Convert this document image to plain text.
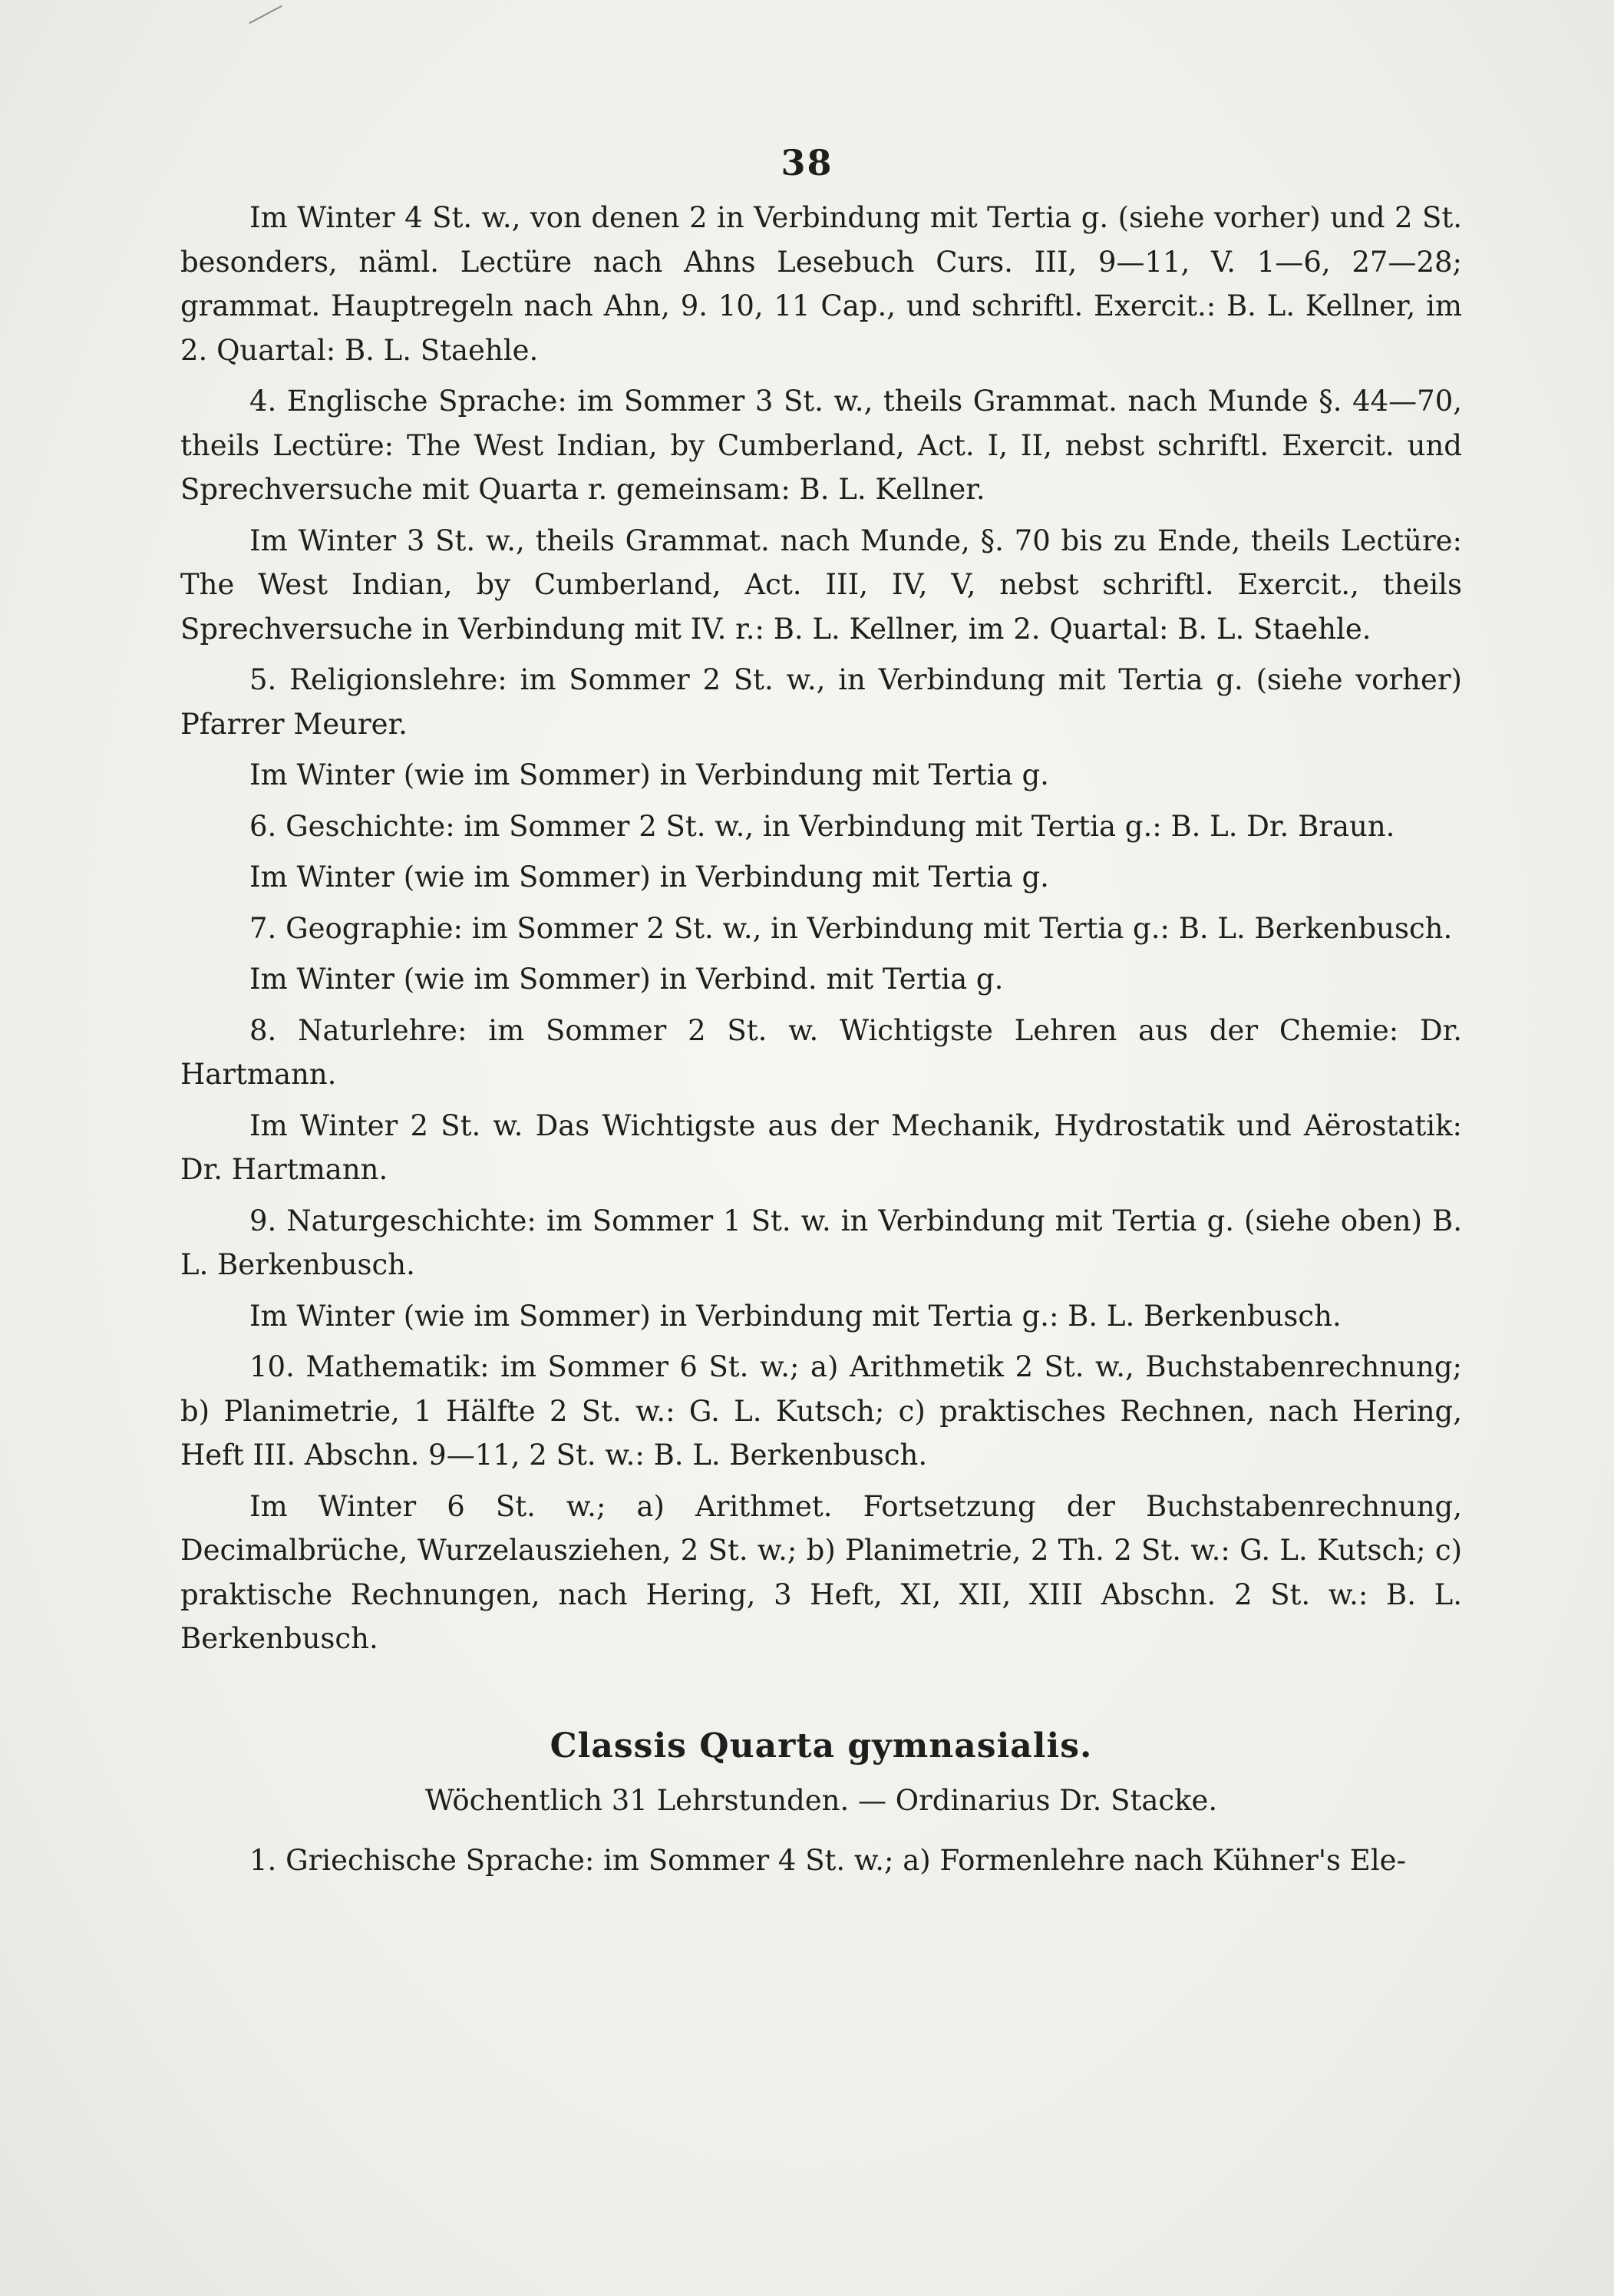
38

Im Winter 4 St. w., von denen 2 in Verbindung mit Tertia g. (siehe vorher) und 2 St. besonders, näml. Lectüre nach Ahns Lesebuch Curs. III, 9—11, V. 1—6, 27—28; grammat. Hauptregeln nach Ahn, 9. 10, 11 Cap., und schriftl. Exercit.: B. L. Kellner, im 2. Quartal: B. L. Staehle.

4. Englische Sprache: im Sommer 3 St. w., theils Grammat. nach Munde §. 44—70, theils Lectüre: The West Indian, by Cumberland, Act. I, II, nebst schriftl. Exercit. und Sprechversuche mit Quarta r. gemeinsam: B. L. Kellner.

Im Winter 3 St. w., theils Grammat. nach Munde, §. 70 bis zu Ende, theils Lectüre: The West Indian, by Cumberland, Act. III, IV, V, nebst schriftl. Exercit., theils Sprechversuche in Verbindung mit IV. r.: B. L. Kellner, im 2. Quartal: B. L. Staehle.

5. Religionslehre: im Sommer 2 St. w., in Verbindung mit Tertia g. (siehe vorher) Pfarrer Meurer.

Im Winter (wie im Sommer) in Verbindung mit Tertia g.

6. Geschichte: im Sommer 2 St. w., in Verbindung mit Tertia g.: B. L. Dr. Braun.

Im Winter (wie im Sommer) in Verbindung mit Tertia g.

7. Geographie: im Sommer 2 St. w., in Verbindung mit Tertia g.: B. L. Berkenbusch.

Im Winter (wie im Sommer) in Verbind. mit Tertia g.

8. Naturlehre: im Sommer 2 St. w. Wichtigste Lehren aus der Chemie: Dr. Hartmann.

Im Winter 2 St. w. Das Wichtigste aus der Mechanik, Hydrostatik und Aërostatik: Dr. Hartmann.

9. Naturgeschichte: im Sommer 1 St. w. in Verbindung mit Tertia g. (siehe oben) B. L. Berkenbusch.

Im Winter (wie im Sommer) in Verbindung mit Tertia g.: B. L. Berkenbusch.

10. Mathematik: im Sommer 6 St. w.; a) Arithmetik 2 St. w., Buchstabenrechnung; b) Planimetrie, 1 Hälfte 2 St. w.: G. L. Kutsch; c) praktisches Rechnen, nach Hering, Heft III. Abschn. 9—11, 2 St. w.: B. L. Berkenbusch.

Im Winter 6 St. w.; a) Arithmet. Fortsetzung der Buchstabenrechnung, Decimalbrüche, Wurzelausziehen, 2 St. w.; b) Planimetrie, 2 Th. 2 St. w.: G. L. Kutsch; c) praktische Rechnungen, nach Hering, 3 Heft, XI, XII, XIII Abschn. 2 St. w.: B. L. Berkenbusch.

Classis Quarta gymnasialis.

Wöchentlich 31 Lehrstunden. — Ordinarius Dr. Stacke.

1. Griechische Sprache: im Sommer 4 St. w.; a) Formenlehre nach Kühner's Ele-
